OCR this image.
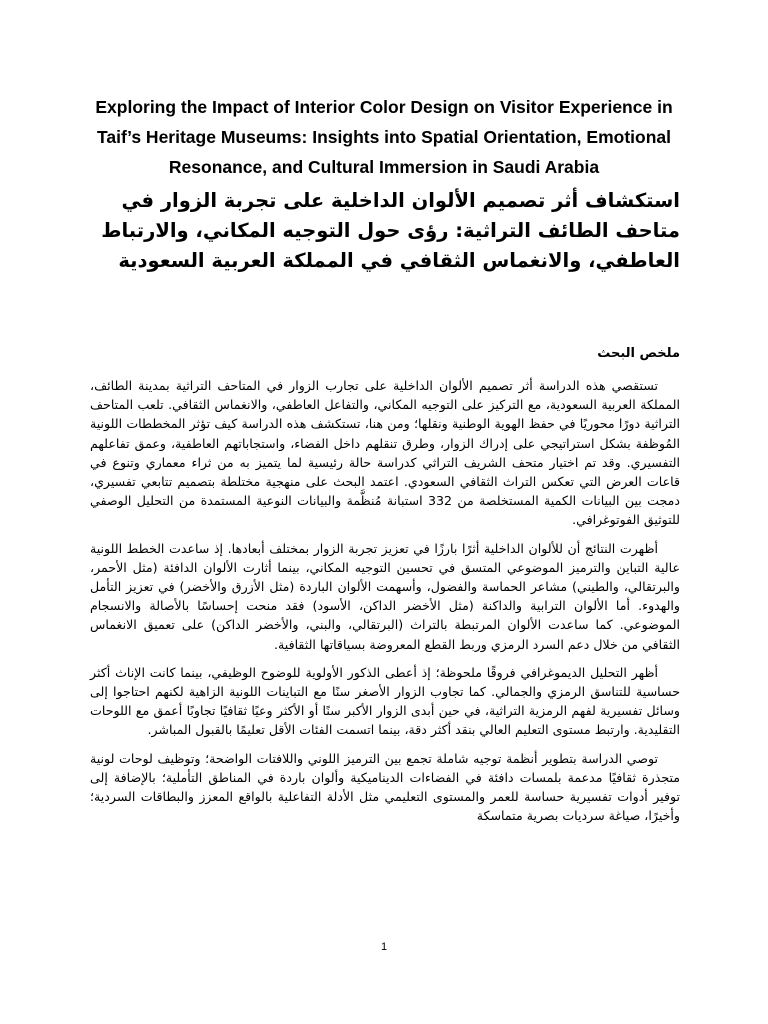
Exploring the Impact of Interior Color Design on Visitor Experience in Taif’s Heritage Museums: Insights into Spatial Orientation, Emotional Resonance, and Cultural Immersion in Saudi Arabia
استكشاف أثر تصميم الألوان الداخلية على تجربة الزوار في متاحف الطائف التراثية: رؤى حول التوجيه المكاني، والارتباط العاطفي، والانغماس الثقافي في المملكة العربية السعودية
ملخص البحث

تستقصي هذه الدراسة أثر تصميم الألوان الداخلية على تجارب الزوار في المتاحف التراثية بمدينة الطائف، المملكة العربية السعودية، مع التركيز على التوجيه المكاني، والتفاعل العاطفي، والانغماس الثقافي. تلعب المتاحف التراثية دورًا محوريًا في حفظ الهوية الوطنية ونقلها؛ ومن هنا، تستكشف هذه الدراسة كيف تؤثر المخططات اللونية المُوظفة بشكل استراتيجي على إدراك الزوار، وطرق تنقلهم داخل الفضاء، واستجاباتهم العاطفية، وعمق تفاعلهم التفسيري. وقد تم اختيار متحف الشريف التراثي كدراسة حالة رئيسية لما يتميز به من ثراء معماري وتنوع في قاعات العرض التي تعكس التراث الثقافي السعودي. اعتمد البحث على منهجية مختلطة بتصميم تتابعي تفسيري، دمجت بين البيانات الكمية المستخلصة من 332 استبانة مُنظَّمة والبيانات النوعية المستمدة من التحليل الوصفي للتوثيق الفوتوغرافي.

أظهرت النتائج أن للألوان الداخلية أثرًا بارزًا في تعزيز تجربة الزوار بمختلف أبعادها. إذ ساعدت الخطط اللونية عالية التباين والترميز الموضوعي المتسق في تحسين التوجيه المكاني، بينما أثارت الألوان الدافئة (مثل الأحمر، والبرتقالي، والطيني) مشاعر الحماسة والفضول، وأسهمت الألوان الباردة (مثل الأزرق والأخضر) في تعزيز التأمل والهدوء. أما الألوان الترابية والداكنة (مثل الأخضر الداكن، الأسود) فقد منحت إحساسًا بالأصالة والانسجام الموضوعي. كما ساعدت الألوان المرتبطة بالتراث (البرتقالي، والبني، والأخضر الداكن) على تعميق الانغماس الثقافي من خلال دعم السرد الرمزي وربط القطع المعروضة بسياقاتها الثقافية.

أظهر التحليل الديموغرافي فروقًا ملحوظة؛ إذ أعطى الذكور الأولوية للوضوح الوظيفي، بينما كانت الإناث أكثر حساسية للتناسق الرمزي والجمالي. كما تجاوب الزوار الأصغر سنًا مع التباينات اللونية الزاهية لكنهم احتاجوا إلى وسائل تفسيرية لفهم الرمزية التراثية، في حين أبدى الزوار الأكبر سنًا أو الأكثر وعيًا ثقافيًا تجاوبًا أعمق مع اللوحات التقليدية. وارتبط مستوى التعليم العالي بنقد أكثر دقة، بينما اتسمت الفئات الأقل تعليمًا بالقبول المباشر.

توصي الدراسة بتطوير أنظمة توجيه شاملة تجمع بين الترميز اللوني واللافتات الواضحة؛ وتوظيف لوحات لونية متجذرة ثقافيًا مدعمة بلمسات دافئة في الفضاءات الديناميكية وألوان باردة في المناطق التأملية؛ بالإضافة إلى توفير أدوات تفسيرية حساسة للعمر والمستوى التعليمي مثل الأدلة التفاعلية بالواقع المعزز والبطاقات السردية؛ وأخيرًا، صياغة سرديات بصرية متماسكة

1
